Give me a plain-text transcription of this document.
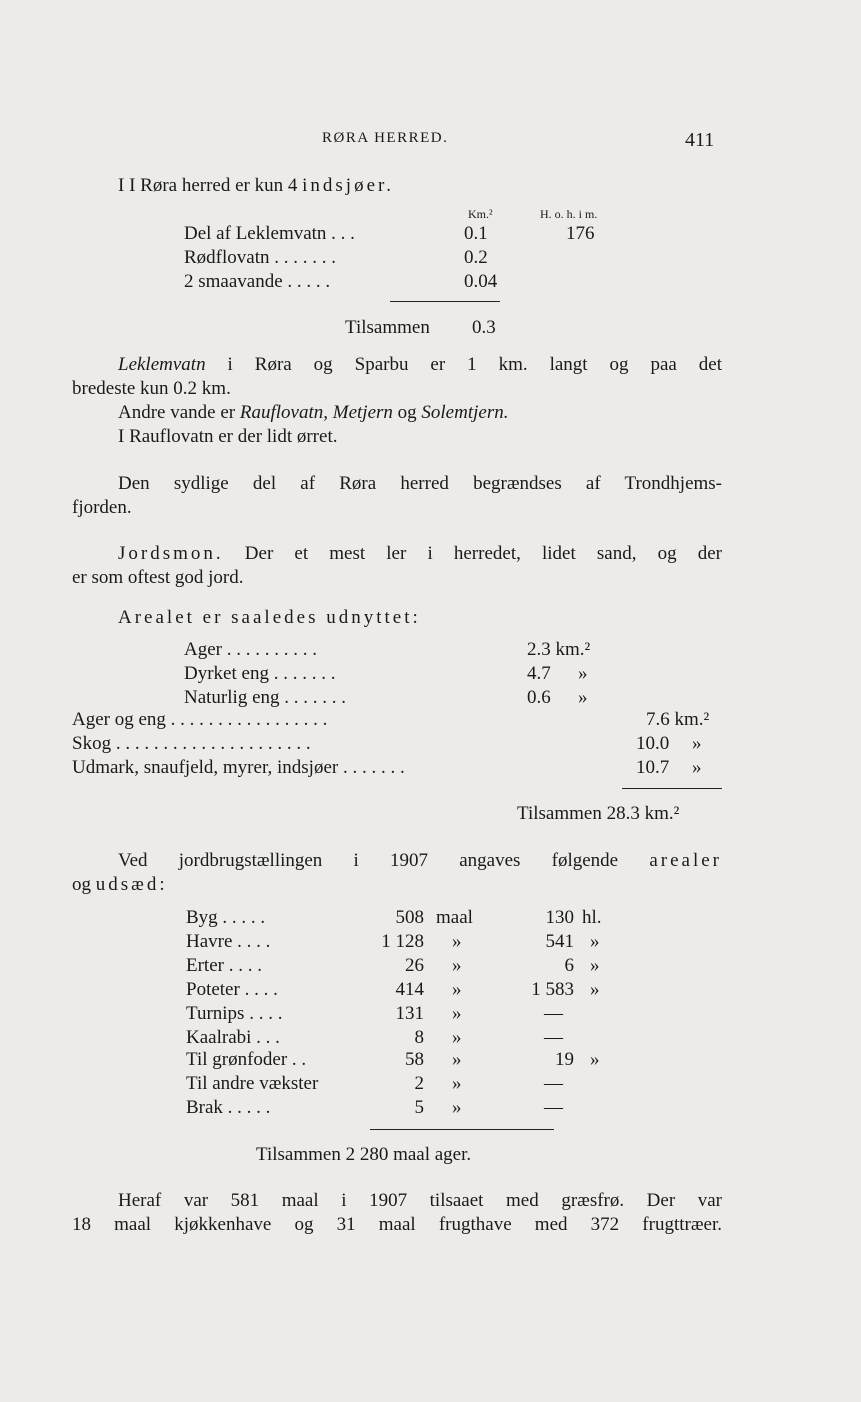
RØRA HERRED.	411
I I Røra herred er kun 4 indsjøer.
Km.²	H. o. h. i m.
Del af Leklemvatn . . .	0.1	176
Rødflovatn . . . . . . .	0.2
2 smaavande . . . . .	0.04
Tilsammen 0.3
Leklemvatn i Røra og Sparbu er 1 km. langt og paa det
bredeste kun 0.2 km.
Andre vande er Rauflovatn, Metjern og Solemtjern.
I Rauflovatn er der lidt ørret.
Den sydlige del af Røra herred begrændses af Trondhjems-
fjorden.
Jordsmon. Der et mest ler i herredet, lidet sand, og der
er som oftest god jord.
Arealet er saaledes udnyttet:
Ager . . . . . . . . . .	2.3 km.²
Dyrket eng . . . . . . .	4.7 »
Naturlig eng . . . . . . .	0.6 »
Ager og eng . . . . . . . . . . . . . . . . .	7.6 km.²
Skog . . . . . . . . . . . . . . . . . . . . .	10.0 »
Udmark, snaufjeld, myrer, indsjøer . . . . . . .	10.7 »
Tilsammen 28.3 km.²
Ved jordbrugstællingen i 1907 angaves følgende arealer
og udsæd:
Byg . . . . .	508 maal	130 hl.
Havre . . . .	1 128 »	541 »
Erter . . . .	26 »	6 »
Poteter . . . .	414 »	1 583 »
Turnips . . . .	131 »	—
Kaalrabi . . .	8 »	—
Til grønfoder . .	58 »	19 »
Til andre vækster	2 »	—
Brak . . . . .	5 »	—
Tilsammen 2 280 maal ager.
Heraf var 581 maal i 1907 tilsaaet med græsfrø. Der var
18 maal kjøkkenhave og 31 maal frugthave med 372 frugttræer.
